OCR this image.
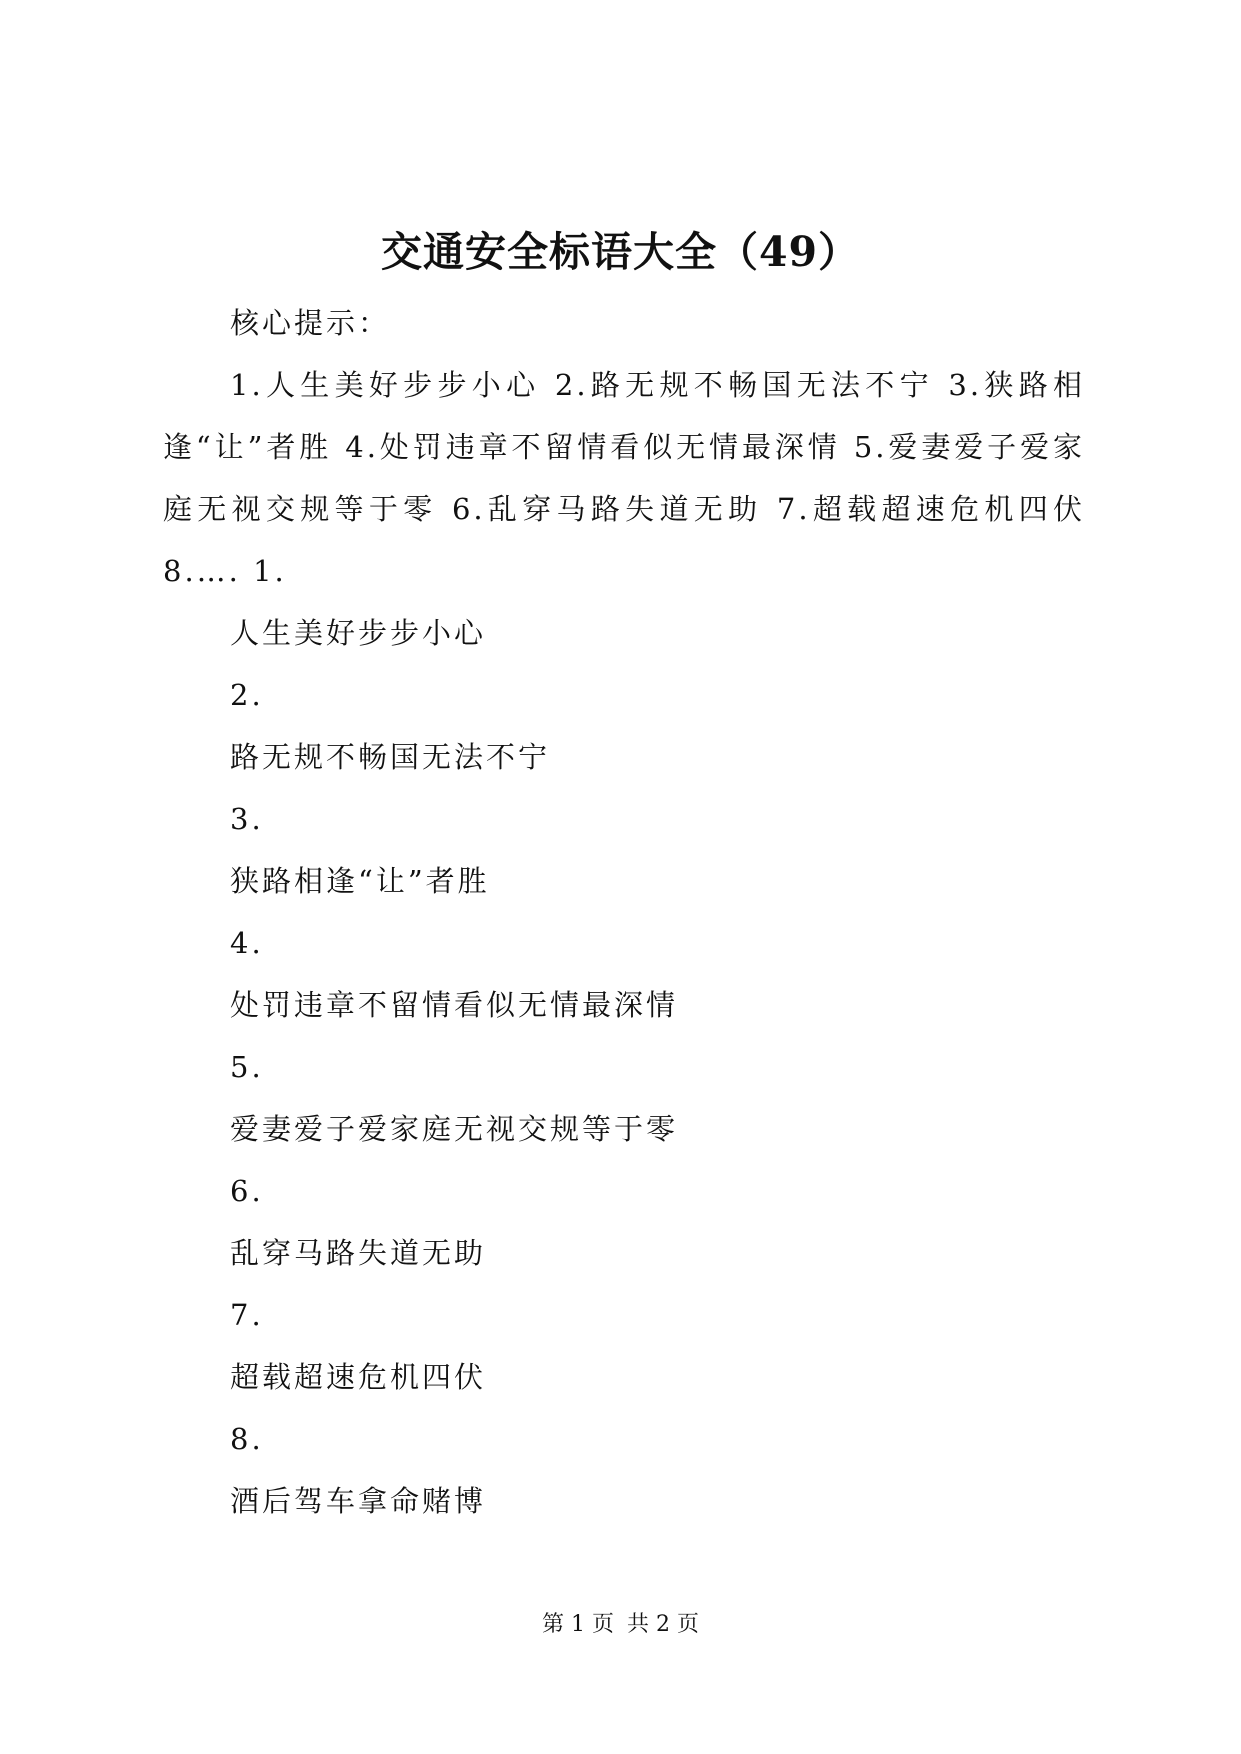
交通安全标语大全（49）

核心提示：

1.人生美好步步小心 2.路无规不畅国无法不宁 3.狭路相逢“让”者胜 4.处罚违章不留情看似无情最深情 5.爱妻爱子爱家庭无视交规等于零 6.乱穿马路失道无助 7.超载超速危机四伏 8.…. 1.

人生美好步步小心

2.

路无规不畅国无法不宁

3.

狭路相逢“让”者胜

4.

处罚违章不留情看似无情最深情

5.

爱妻爱子爱家庭无视交规等于零

6.

乱穿马路失道无助

7.

超载超速危机四伏

8.

酒后驾车拿命赌博

第 1 页 共 2 页
